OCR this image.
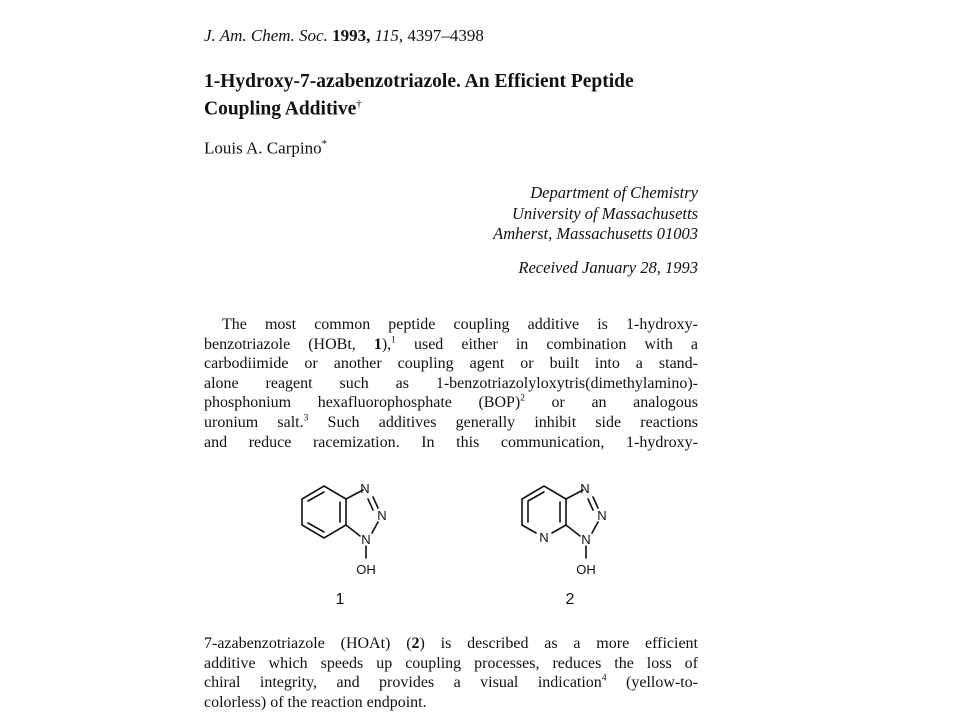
J. Am. Chem. Soc. 1993, 115, 4397–4398
1-Hydroxy-7-azabenzotriazole. An Efficient Peptide
Coupling Additive†
Louis A. Carpino*
Department of Chemistry
University of Massachusetts
Amherst, Massachusetts 01003
Received January 28, 1993
The most common peptide coupling additive is 1-hydroxy-
benzotriazole (HOBt, 1),$^1$ used either in combination with a
carbodiimide or another coupling agent or built into a stand-
alone reagent such as 1-benzotriazolyloxytris(dimethylamino)-
phosphonium hexafluorophosphate (BOP)$^2$ or an analogous
uronium salt.$^3$ Such additives generally inhibit side reactions
and reduce racemization. In this communication, 1-hydroxy-
N
N
N
OH
1
N
N
N
N
OH
2
7-azabenzotriazole (HOAt) (2) is described as a more efficient
additive which speeds up coupling processes, reduces the loss of
chiral integrity, and provides a visual indication$^4$ (yellow-to-
colorless) of the reaction endpoint.
